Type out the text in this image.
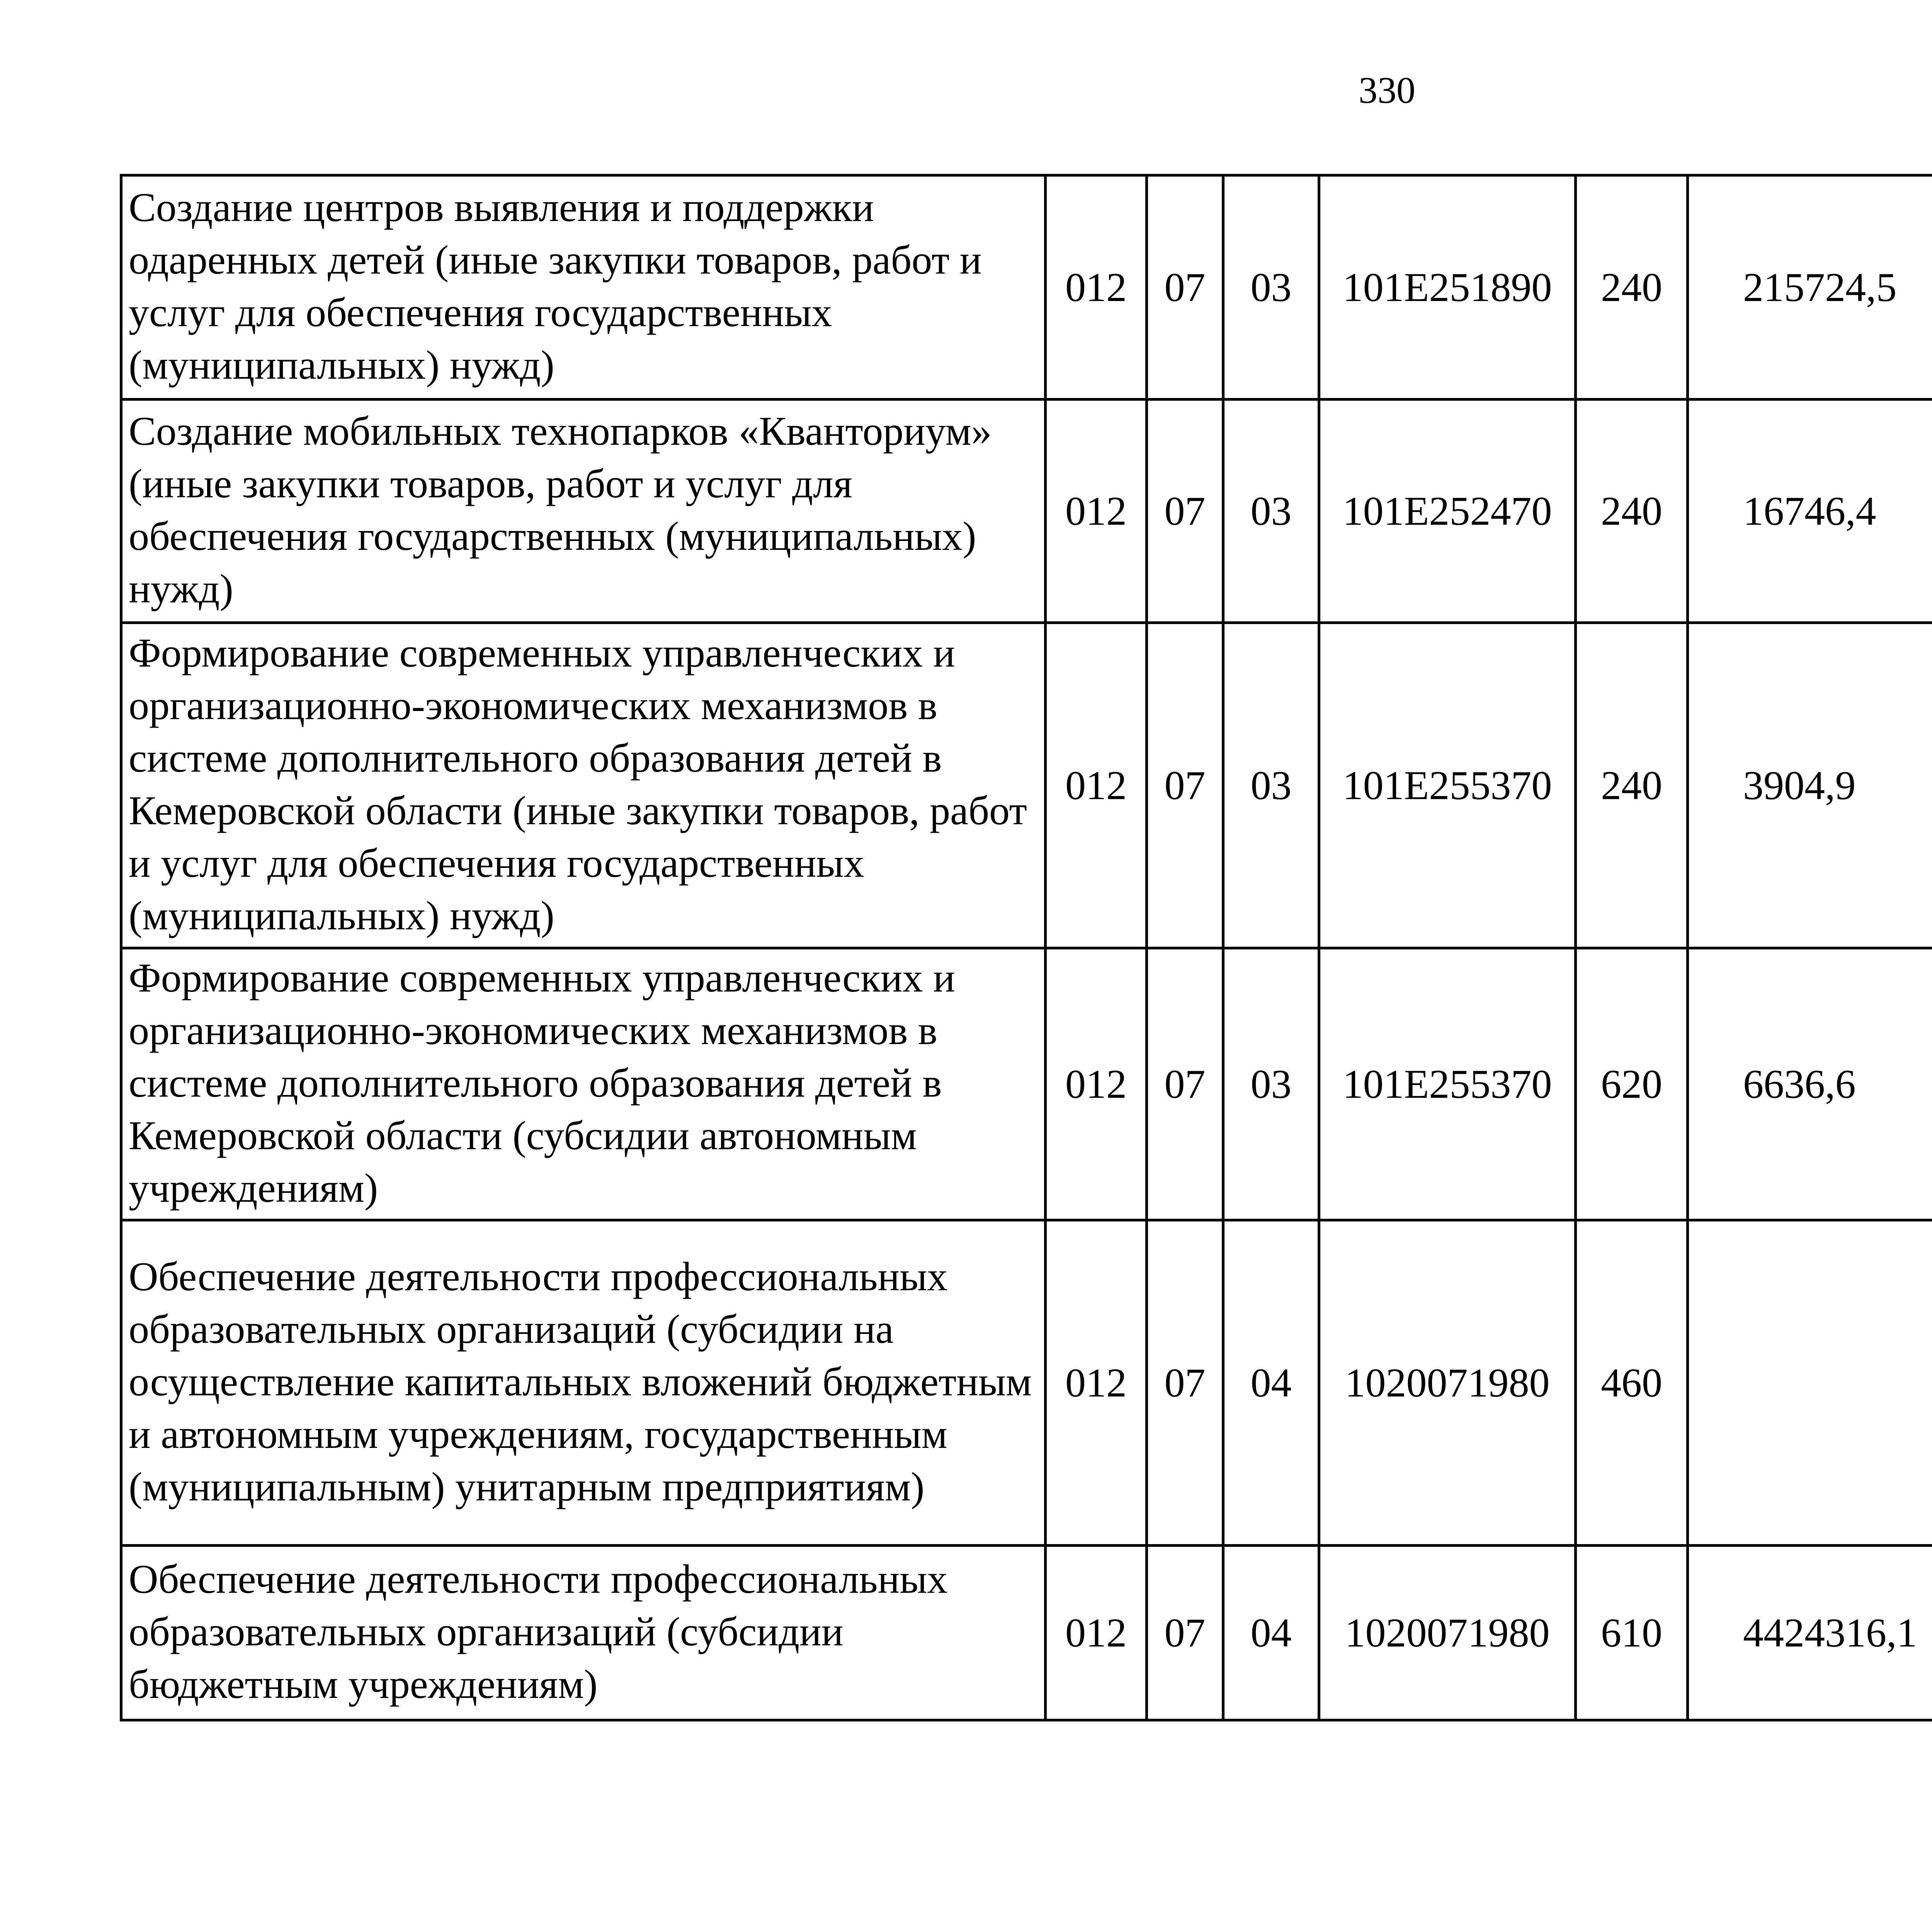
330
Создание центров выявления и поддержки одаренных детей (иные закупки товаров, работ и услуг для обеспечения государственных (муниципальных) нужд)	012	07	03	101E251890	240	215724,5		
Создание мобильных технопарков «Кванториум» (иные закупки товаров, работ и услуг для обеспечения государственных (муниципальных) нужд)	012	07	03	101E252470	240	16746,4		
Формирование современных управленческих и организационно-экономических механизмов в системе дополнительного образования детей в Кемеровской области (иные закупки товаров, работ и услуг для обеспечения государственных (муниципальных) нужд)	012	07	03	101E255370	240	3904,9		
Формирование современных управленческих и организационно-экономических механизмов в системе дополнительного образования детей в Кемеровской области (субсидии автономным учреждениям)	012	07	03	101E255370	620	6636,6		
Обеспечение деятельности профессиональных образовательных организаций (субсидии на осуществление капитальных вложений бюджетным и автономным учреждениям, государственным (муниципальным) унитарным предприятиям)	012	07	04	1020071980	460			
Обеспечение деятельности профессиональных образовательных организаций (субсидии бюджетным учреждениям)	012	07	04	1020071980	610	4424316,1		
